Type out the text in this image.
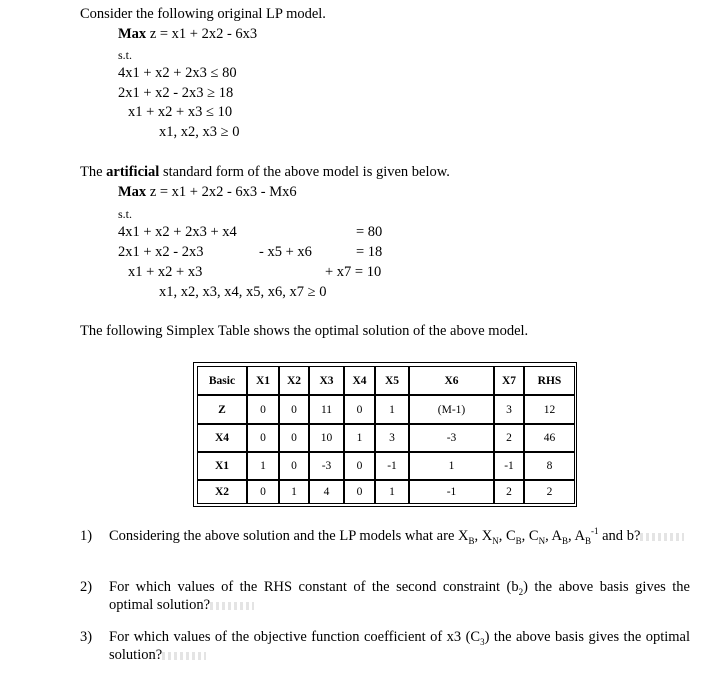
Consider the following original LP model.
Max z = x1 + 2x2 - 6x3
s.t.
4x1 + x2 + 2x3 ≤ 80
2x1 + x2 - 2x3 ≥ 18
x1 + x2 + x3 ≤ 10
x1, x2, x3 ≥ 0
The artificial standard form of the above model is given below.
Max z = x1 + 2x2 - 6x3 - Mx6
s.t.
4x1 + x2 + 2x3 + x4	= 80
2x1 + x2 - 2x3	- x5 + x6	= 18
x1 + x2 + x3	+ x7 = 10
x1, x2, x3, x4, x5, x6, x7 ≥ 0
The following Simplex Table shows the optimal solution of the above model.
Basic	X1	X2	X3	X4	X5	X6	X7	RHS
Z	0	0	11	0	1	(M-1)	3	12
X4	0	0	10	1	3	-3	2	46
X1	1	0	-3	0	-1	1	-1	8
X2	0	1	4	0	1	-1	2	2
1) Considering the above solution and the LP models what are $X_B$, $X_N$, $C_B$, $C_N$, $A_B$, $A_B^{-1}$ and b?
2) For which values of the RHS constant of the second constraint $(b_2)$ the above basis gives the optimal solution?
3) For which values of the objective function coefficient of x3 $(C_3)$ the above basis gives the optimal solution?
